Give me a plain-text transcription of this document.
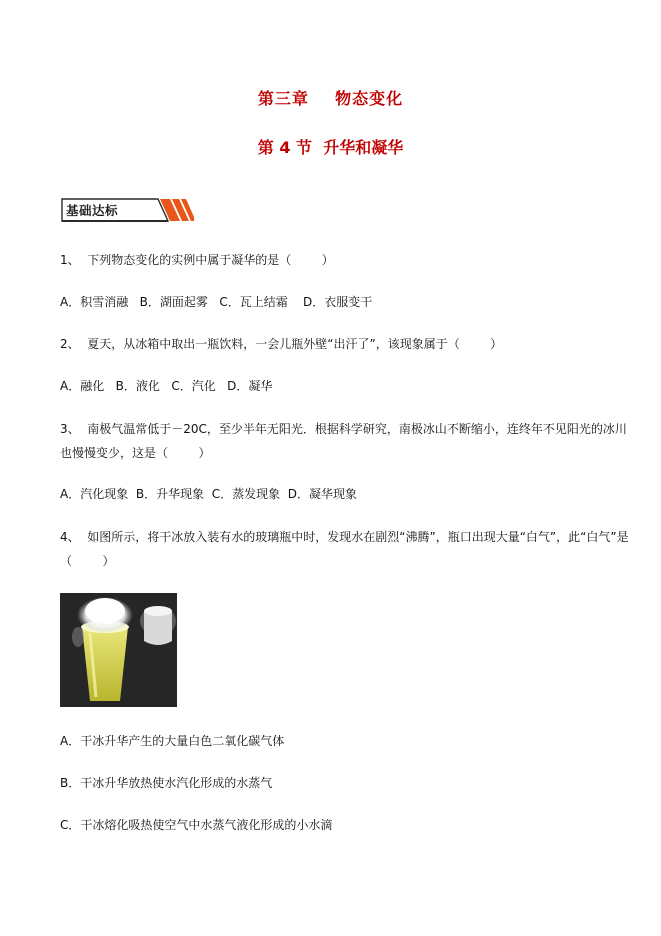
第三章    物态变化
第 4 节  升华和凝华
基础达标
1、  下列物态变化的实例中属于凝华的是（        ）
A．积雪消融   B．湖面起雾   C．瓦上结霜    D．衣服变干
2、  夏天，从冰箱中取出一瓶饮料，一会儿瓶外壁“出汗了”，该现象属于（        ）
A．融化   B．液化   C．汽化   D．凝华
3、  南极气温常低于－20C，至少半年无阳光．根据科学研究，南极冰山不断缩小，连终年不见阳光的冰川
也慢慢变少，这是（        ）
A．汽化现象  B．升华现象  C．蒸发现象  D．凝华现象
4、  如图所示，将干冰放入装有水的玻璃瓶中时，发现水在剧烈“沸腾”，瓶口出现大量“白气”，此“白气”是
（        ）
A．干冰升华产生的大量白色二氧化碳气体
B．干冰升华放热使水汽化形成的水蒸气
C．干冰熔化吸热使空气中水蒸气液化形成的小水滴
